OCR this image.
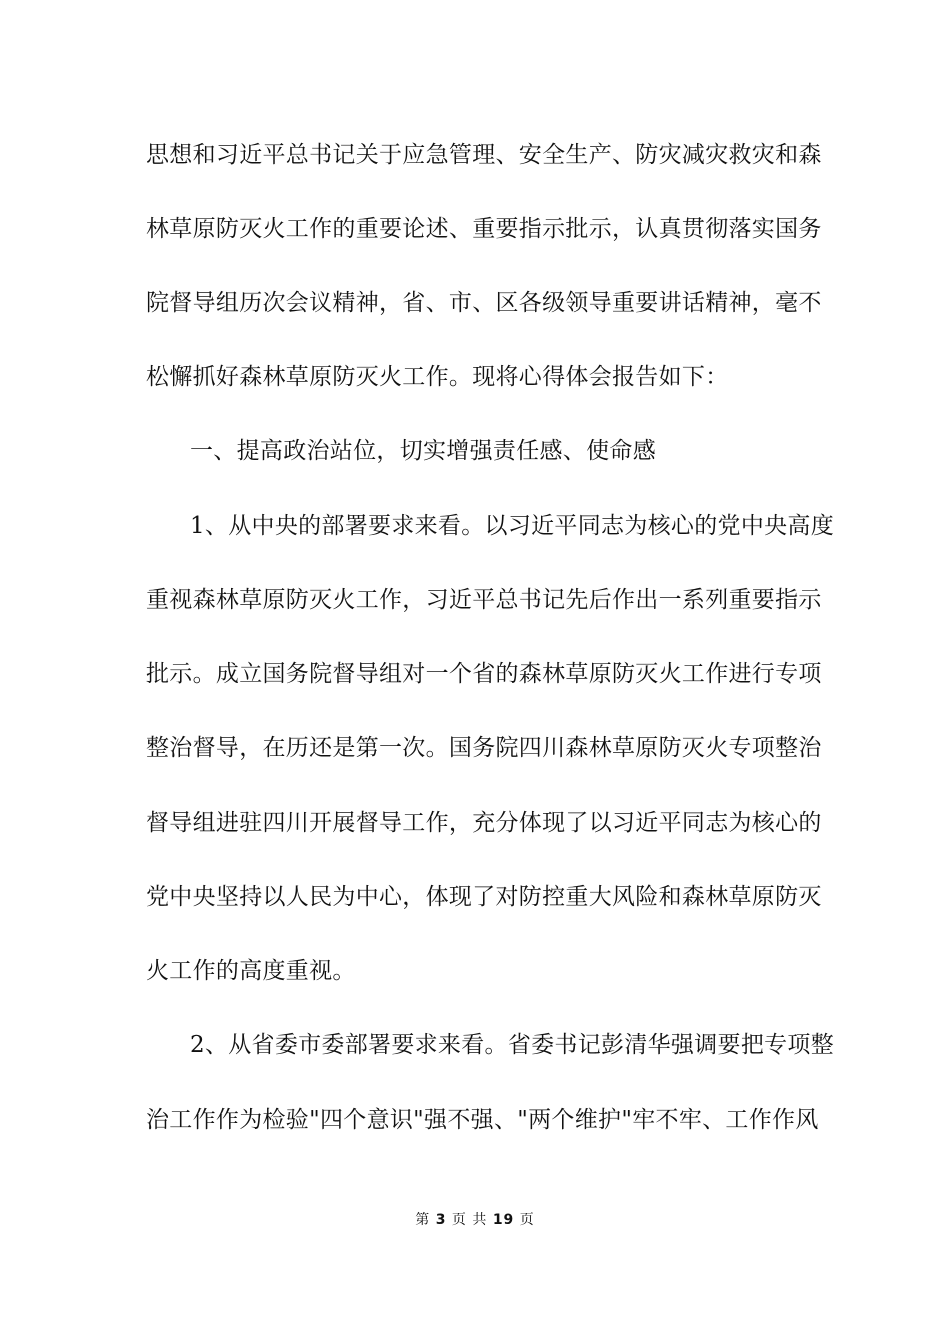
思想和习近平总书记关于应急管理、安全生产、防灾减灾救灾和森
林草原防灭火工作的重要论述、重要指示批示，认真贯彻落实国务
院督导组历次会议精神，省、市、区各级领导重要讲话精神，毫不
松懈抓好森林草原防灭火工作。现将心得体会报告如下：
一、提高政治站位，切实增强责任感、使命感
1、从中央的部署要求来看。以习近平同志为核心的党中央高度
重视森林草原防灭火工作，习近平总书记先后作出一系列重要指示
批示。成立国务院督导组对一个省的森林草原防灭火工作进行专项
整治督导，在历还是第一次。国务院四川森林草原防灭火专项整治
督导组进驻四川开展督导工作，充分体现了以习近平同志为核心的
党中央坚持以人民为中心，体现了对防控重大风险和森林草原防灭
火工作的高度重视。
2、从省委市委部署要求来看。省委书记彭清华强调要把专项整
治工作作为检验"四个意识"强不强、"两个维护"牢不牢、工作作风
第 3 页 共 19 页
